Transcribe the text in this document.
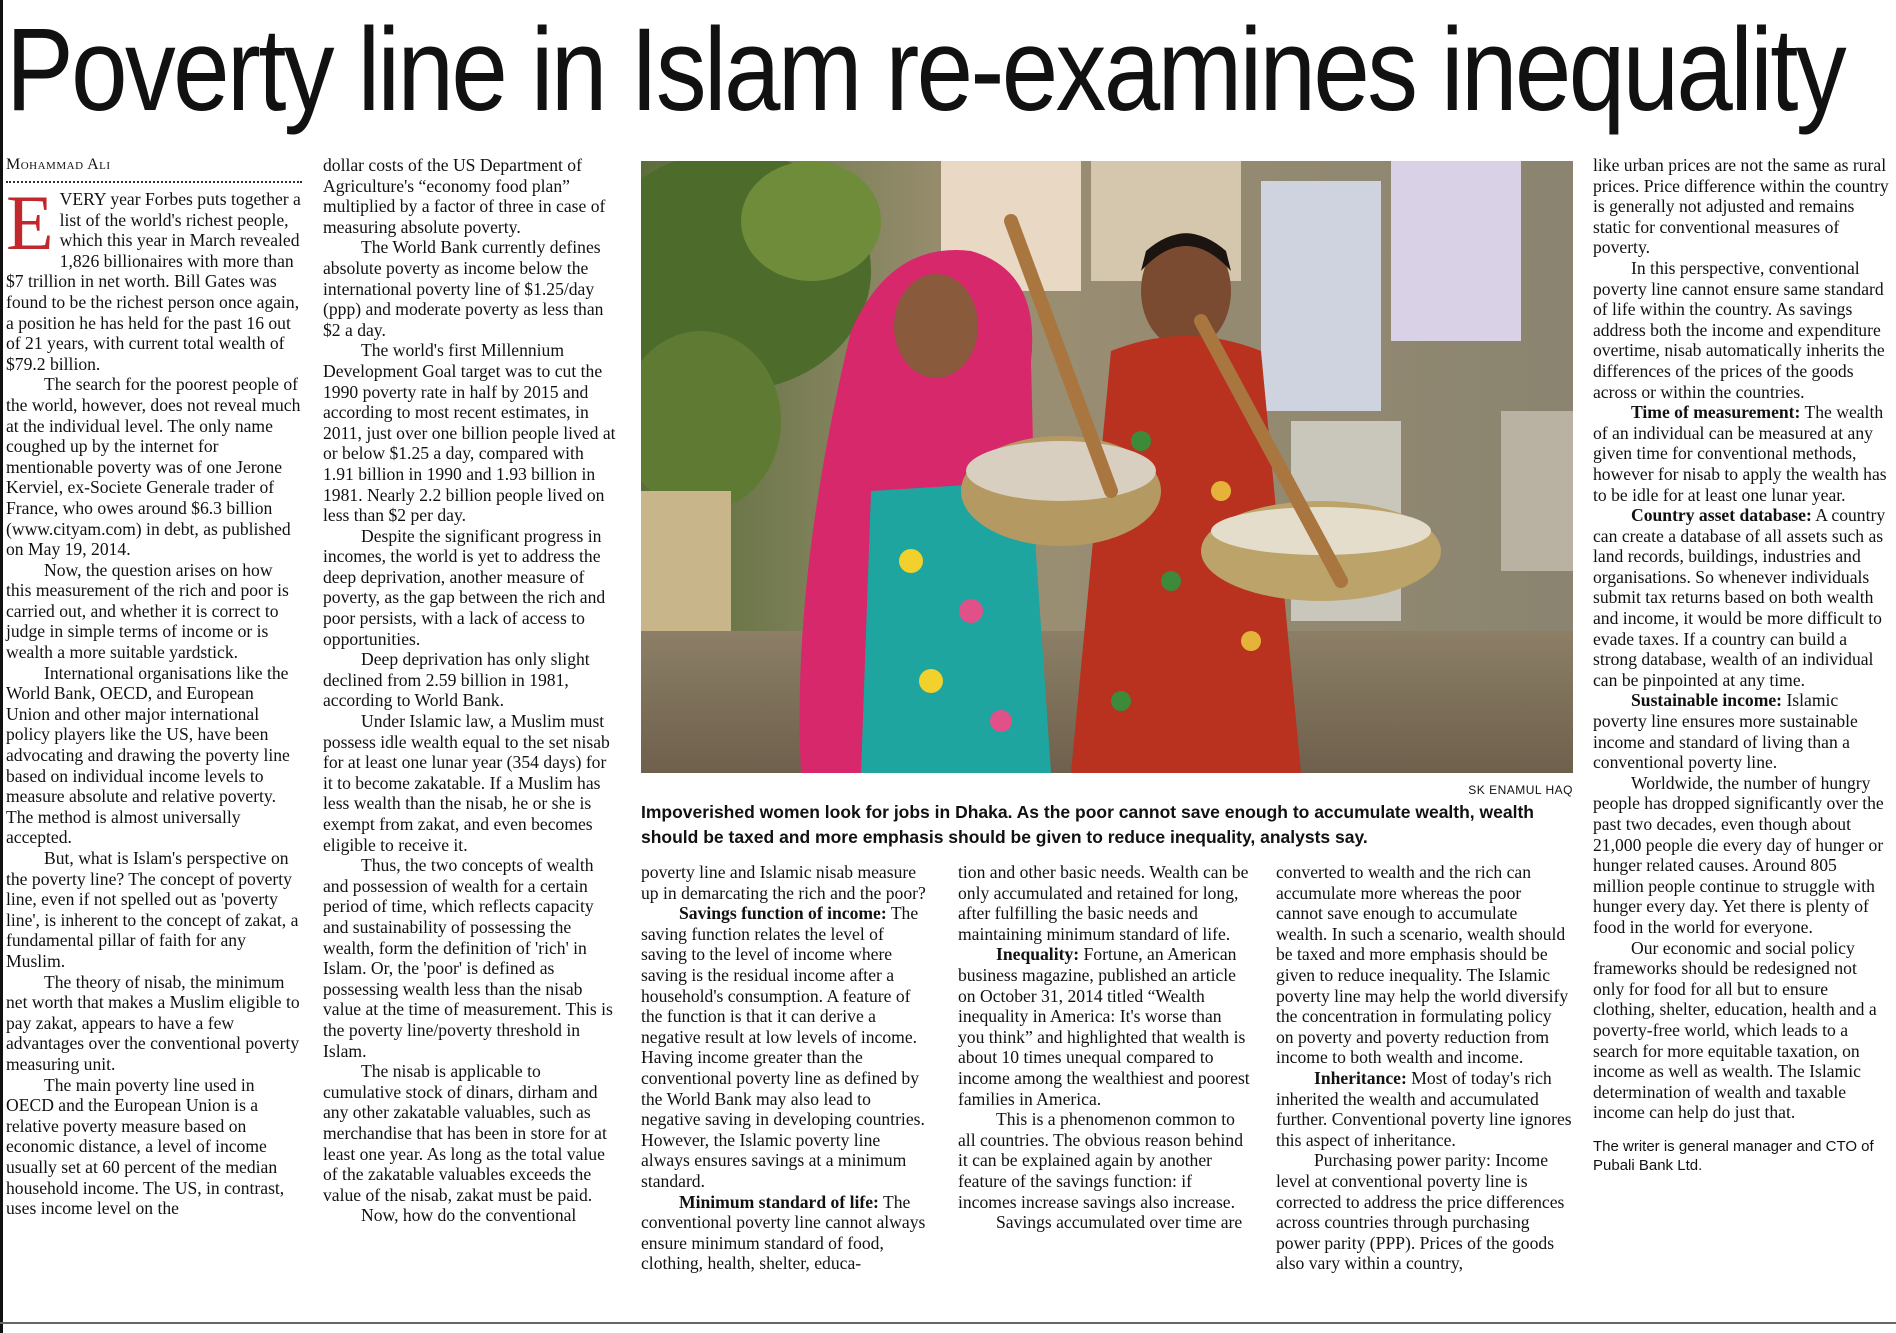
Poverty line in Islam re-examines inequality
Mohammad Ali

EVERY year Forbes puts together a list of the world's richest people, which this year in March revealed 1,826 billionaires with more than $7 trillion in net worth. Bill Gates was found to be the richest person once again, a position he has held for the past 16 out of 21 years, with current total wealth of $79.2 billion.

The search for the poorest people of the world, however, does not reveal much at the individual level. The only name coughed up by the internet for mentionable poverty was of one Jerone Kerviel, ex-Societe Generale trader of France, who owes around $6.3 billion (www.cityam.com) in debt, as published on May 19, 2014.

Now, the question arises on how this measurement of the rich and poor is carried out, and whether it is correct to judge in simple terms of income or is wealth a more suitable yardstick.

International organisations like the World Bank, OECD, and European Union and other major international policy players like the US, have been advocating and drawing the poverty line based on individual income levels to measure absolute and relative poverty. The method is almost universally accepted.

But, what is Islam's perspective on the poverty line? The concept of poverty line, even if not spelled out as 'poverty line', is inherent to the concept of zakat, a fundamental pillar of faith for any Muslim.

The theory of nisab, the minimum net worth that makes a Muslim eligible to pay zakat, appears to have a few advantages over the conventional poverty measuring unit.

The main poverty line used in OECD and the European Union is a relative poverty measure based on economic distance, a level of income usually set at 60 percent of the median household income. The US, in contrast, uses income level on the

dollar costs of the US Department of Agriculture's “economy food plan” multiplied by a factor of three in case of measuring absolute poverty.

The World Bank currently defines absolute poverty as income below the international poverty line of $1.25/day (ppp) and moderate poverty as less than $2 a day.

The world's first Millennium Development Goal target was to cut the 1990 poverty rate in half by 2015 and according to most recent estimates, in 2011, just over one billion people lived at or below $1.25 a day, compared with 1.91 billion in 1990 and 1.93 billion in 1981. Nearly 2.2 billion people lived on less than $2 per day.

Despite the significant progress in incomes, the world is yet to address the deep deprivation, another measure of poverty, as the gap between the rich and poor persists, with a lack of access to opportunities.

Deep deprivation has only slight declined from 2.59 billion in 1981, according to World Bank.

Under Islamic law, a Muslim must possess idle wealth equal to the set nisab for at least one lunar year (354 days) for it to become zakatable. If a Muslim has less wealth than the nisab, he or she is exempt from zakat, and even becomes eligible to receive it.

Thus, the two concepts of wealth and possession of wealth for a certain period of time, which reflects capacity and sustainability of possessing the wealth, form the definition of 'rich' in Islam. Or, the 'poor' is defined as possessing wealth less than the nisab value at the time of measurement. This is the poverty line/poverty threshold in Islam.

The nisab is applicable to cumulative stock of dinars, dirham and any other zakatable valuables, such as merchandise that has been in store for at least one year. As long as the total value of the zakatable valuables exceeds the value of the nisab, zakat must be paid.

Now, how do the conventional

SK ENAMUL HAQ
Impoverished women look for jobs in Dhaka. As the poor cannot save enough to accumulate wealth, wealth should be taxed and more emphasis should be given to reduce inequality, analysts say.

poverty line and Islamic nisab measure up in demarcating the rich and the poor?

Savings function of income: The saving function relates the level of saving to the level of income where saving is the residual income after a household's consumption. A feature of the function is that it can derive a negative result at low levels of income. Having income greater than the conventional poverty line as defined by the World Bank may also lead to negative saving in developing countries. However, the Islamic poverty line always ensures savings at a minimum standard.

Minimum standard of life: The conventional poverty line cannot always ensure minimum standard of food, clothing, health, shelter, educa-

tion and other basic needs. Wealth can be only accumulated and retained for long, after fulfilling the basic needs and maintaining minimum standard of life.

Inequality: Fortune, an American business magazine, published an article on October 31, 2014 titled “Wealth inequality in America: It's worse than you think” and highlighted that wealth is about 10 times unequal compared to income among the wealthiest and poorest families in America.

This is a phenomenon common to all countries. The obvious reason behind it can be explained again by another feature of the savings function: if incomes increase savings also increase.

Savings accumulated over time are

converted to wealth and the rich can accumulate more whereas the poor cannot save enough to accumulate wealth. In such a scenario, wealth should be taxed and more emphasis should be given to reduce inequality. The Islamic poverty line may help the world diversify the concentration in formulating policy on poverty and poverty reduction from income to both wealth and income.

Inheritance: Most of today's rich inherited the wealth and accumulated further. Conventional poverty line ignores this aspect of inheritance.

Purchasing power parity: Income level at conventional poverty line is corrected to address the price differences across countries through purchasing power parity (PPP). Prices of the goods also vary within a country,

like urban prices are not the same as rural prices. Price difference within the country is generally not adjusted and remains static for conventional measures of poverty.

In this perspective, conventional poverty line cannot ensure same standard of life within the country. As savings address both the income and expenditure overtime, nisab automatically inherits the differences of the prices of the goods across or within the countries.

Time of measurement: The wealth of an individual can be measured at any given time for conventional methods, however for nisab to apply the wealth has to be idle for at least one lunar year.

Country asset database: A country can create a database of all assets such as land records, buildings, industries and organisations. So whenever individuals submit tax returns based on both wealth and income, it would be more difficult to evade taxes. If a country can build a strong database, wealth of an individual can be pinpointed at any time.

Sustainable income: Islamic poverty line ensures more sustainable income and standard of living than a conventional poverty line.

Worldwide, the number of hungry people has dropped significantly over the past two decades, even though about 21,000 people die every day of hunger or hunger related causes. Around 805 million people continue to struggle with hunger every day. Yet there is plenty of food in the world for everyone.

Our economic and social policy frameworks should be redesigned not only for food for all but to ensure clothing, shelter, education, health and a poverty-free world, which leads to a search for more equitable taxation, on income as well as wealth. The Islamic determination of wealth and taxable income can help do just that.

The writer is general manager and CTO of Pubali Bank Ltd.
